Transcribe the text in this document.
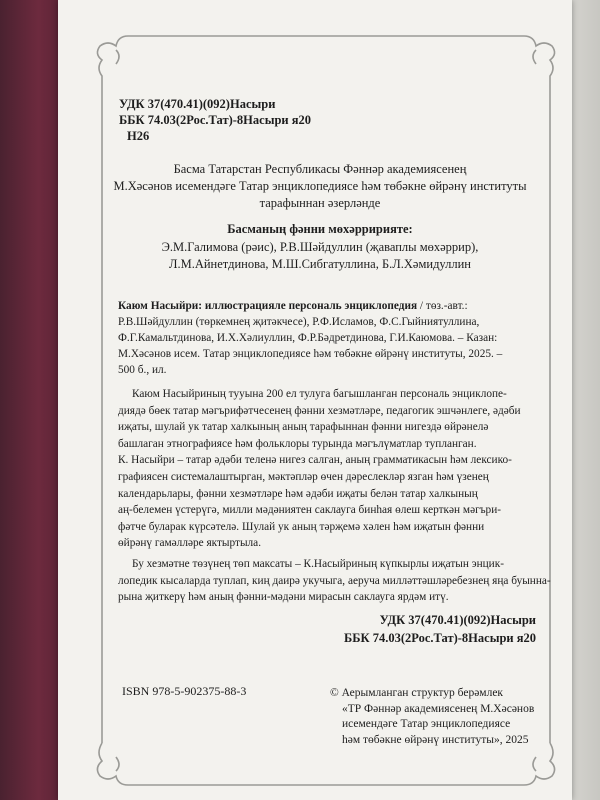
УДК 37(470.41)(092)Насыри
ББК 74.03(2Рос.Тат)-8Насыри я20
Н26
Басма Татарстан Республикасы Фәннәр академиясенең
М.Хәсәнов исемендәге Татар энциклопедиясе һәм төбәкне өйрәнү институты
тарафыннан әзерләнде
Басманың фәнни мөхәрририяте:
Э.М.Галимова (рәис), Р.В.Шәйдуллин (җаваплы мөхәррир),
Л.М.Айнетдинова, М.Ш.Сибгатуллина, Б.Л.Хәмидуллин
Каюм Насыйри: иллюстрацияле персональ энциклопедия / төз.-авт.:
Р.В.Шәйдуллин (төркемнең җитәкчесе), Р.Ф.Исламов, Ф.С.Гыйниятуллина,
Ф.Г.Камальтдинова, И.Х.Хәлиуллин, Ф.Р.Бәдретдинова, Г.И.Каюмова. – Казан:
М.Хәсәнов исем. Татар энциклопедиясе һәм төбәкне өйрәнү институты, 2025. –
500 б., ил.
Каюм Насыйриның тууына 200 ел тулуга багышланган персональ энциклопе-
диядә бөек татар мәгърифәтчесенең фәнни хезмәтләре, педагогик эшчәнлеге, әдәби
иҗаты, шулай ук татар халкының аның тарафыннан фәнни нигездә өйрәнелә
башлаган этнографиясе һәм фольклоры турында мәгълүматлар тупланган.
К. Насыйри – татар әдәби теленә нигез салган, аның грамматикасын һәм лексико-
графиясен системалаштырган, мәктәпләр өчен дәреслекләр язган һәм үзенең
календарьлары, фәнни хезмәтләре һәм әдәби иҗаты белән татар халкының
аң-белемен үстерүгә, милли мәдәниятен саклауга бинһая өлеш керткән мәгъри-
фәтче буларак күрсәтелә. Шулай ук аның тәрҗемә хәлен һәм иҗатын фәнни
өйрәнү гамәлләре яктыртыла.
Бу хезмәтне төзүнең төп максаты – К.Насыйриның күпкырлы иҗатын энцик-
лопедик кысаларда туплап, киң даирә укучыга, аеруча милләттәшләребезнең яңа буынна-
рына җиткерү һәм аның фәнни-мәдәни мирасын саклауга ярдәм итү.
УДК 37(470.41)(092)Насыри
ББК 74.03(2Рос.Тат)-8Насыри я20
ISBN 978-5-902375-88-3	© Аерымланган структур берәмлек
«ТР Фәннәр академиясенең М.Хәсәнов
исемендәге Татар энциклопедиясе
һәм төбәкне өйрәнү институты», 2025
